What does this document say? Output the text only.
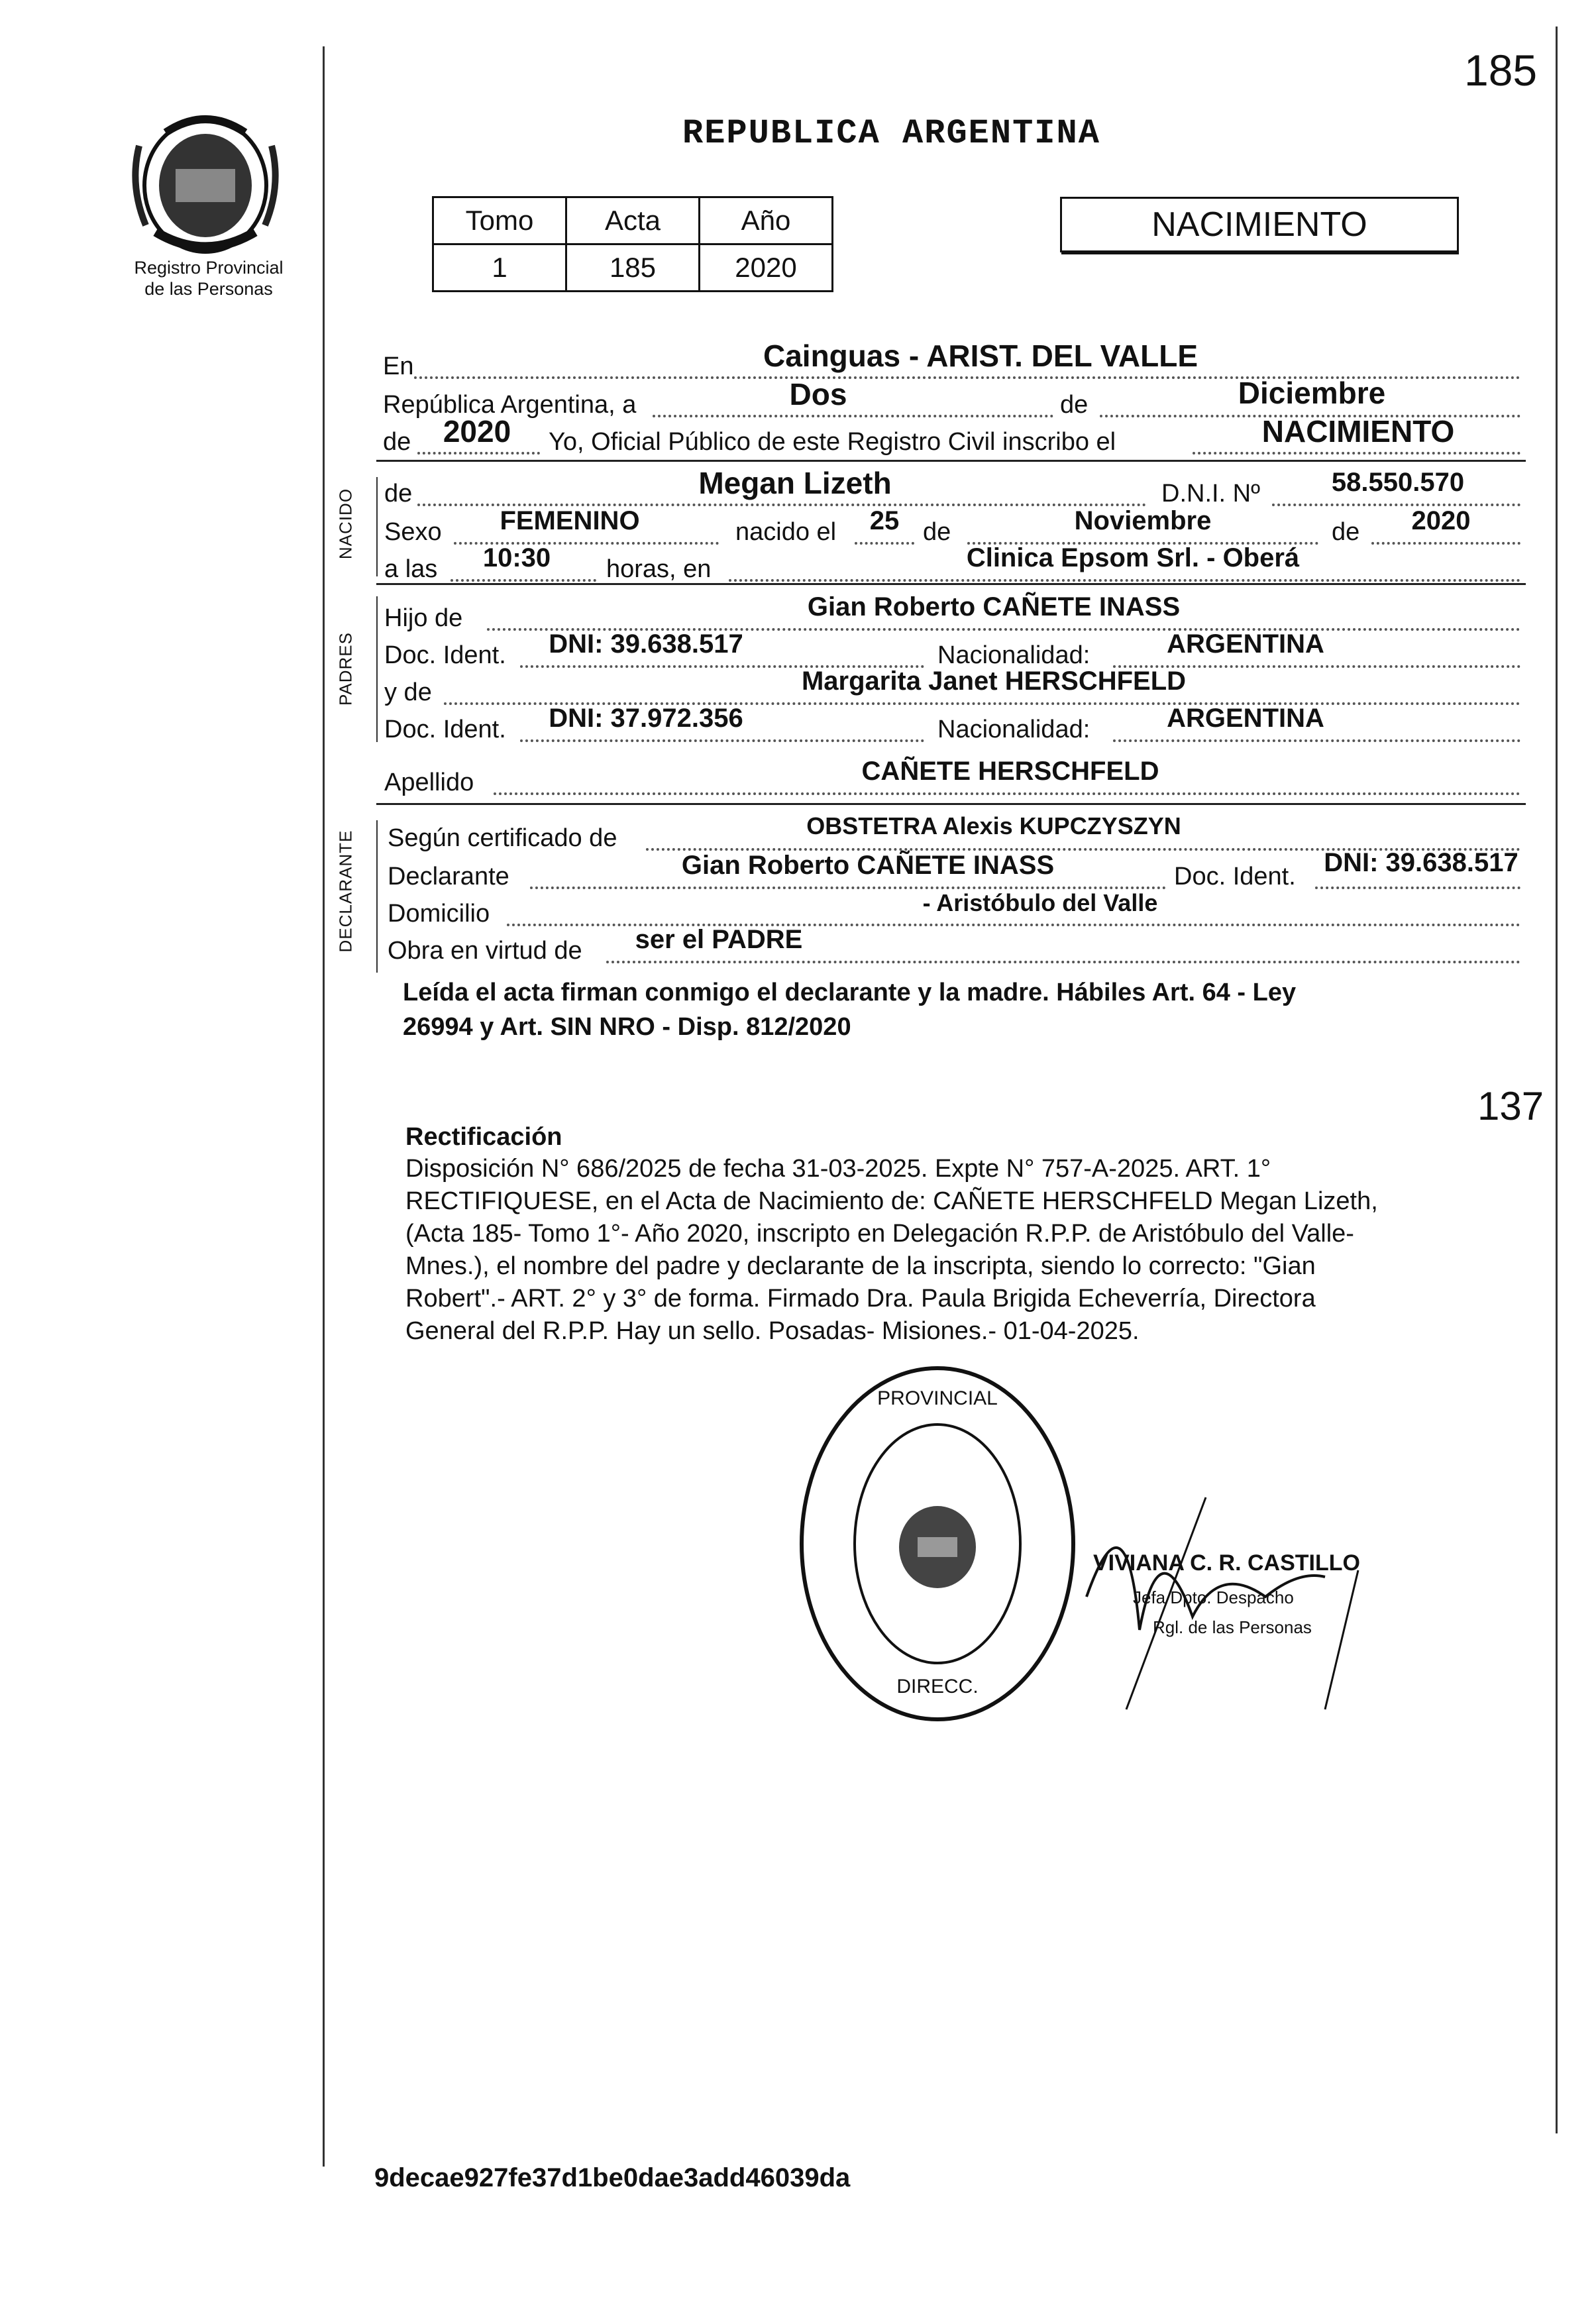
Registro Provincial
de las Personas
REPUBLICA ARGENTINA
185
Tomo	Acta	Año
1	185	2020
NACIMIENTO
En	Cainguas - ARIST. DEL VALLE
República Argentina, a	Dos	de	Diciembre
de	2020	Yo, Oficial Público de este Registro Civil inscribo el	NACIMIENTO
NACIDO de	Megan Lizeth	D.N.I. Nº	58.550.570
Sexo	FEMENINO	nacido el	25 de	Noviembre	de	2020
a las	10:30	horas, en	Clinica Epsom Srl. - Oberá
PADRES
Hijo de	Gian Roberto CAÑETE INASS
Doc. Ident.	DNI: 39.638.517	Nacionalidad:	ARGENTINA
y de	Margarita Janet HERSCHFELD
Doc. Ident.	DNI: 37.972.356	Nacionalidad:	ARGENTINA
Apellido	CAÑETE HERSCHFELD
DECLARANTE Según certificado de	OBSTETRA Alexis KUPCZYSZYN
Declarante	Gian Roberto CAÑETE INASS	Doc. Ident.	DNI: 39.638.517
Domicilio	- Aristóbulo del Valle
Obra en virtud de	ser el PADRE
Leída el acta firman conmigo el declarante y la madre. Hábiles Art. 64 - Ley
26994 y Art. SIN NRO - Disp. 812/2020
137
Rectificación
Disposición N° 686/2025 de fecha 31-03-2025. Expte N° 757-A-2025. ART. 1°
RECTIFIQUESE, en el Acta de Nacimiento de: CAÑETE HERSCHFELD Megan Lizeth,
(Acta 185- Tomo 1°- Año 2020, inscripto en Delegación R.P.P. de Aristóbulo del Valle-
Mnes.), el nombre del padre y declarante de la inscripta, siendo lo correcto: "Gian
Robert".- ART. 2° y 3° de forma. Firmado Dra. Paula Brigida Echeverría, Directora
General del R.P.P. Hay un sello. Posadas- Misiones.- 01-04-2025.
PROVINCIAL
DIRECC.
VIVIANA C. R. CASTILLO
Jefa Dpto. Despacho
Rgl. de las Personas
9decae927fe37d1be0dae3add46039da
